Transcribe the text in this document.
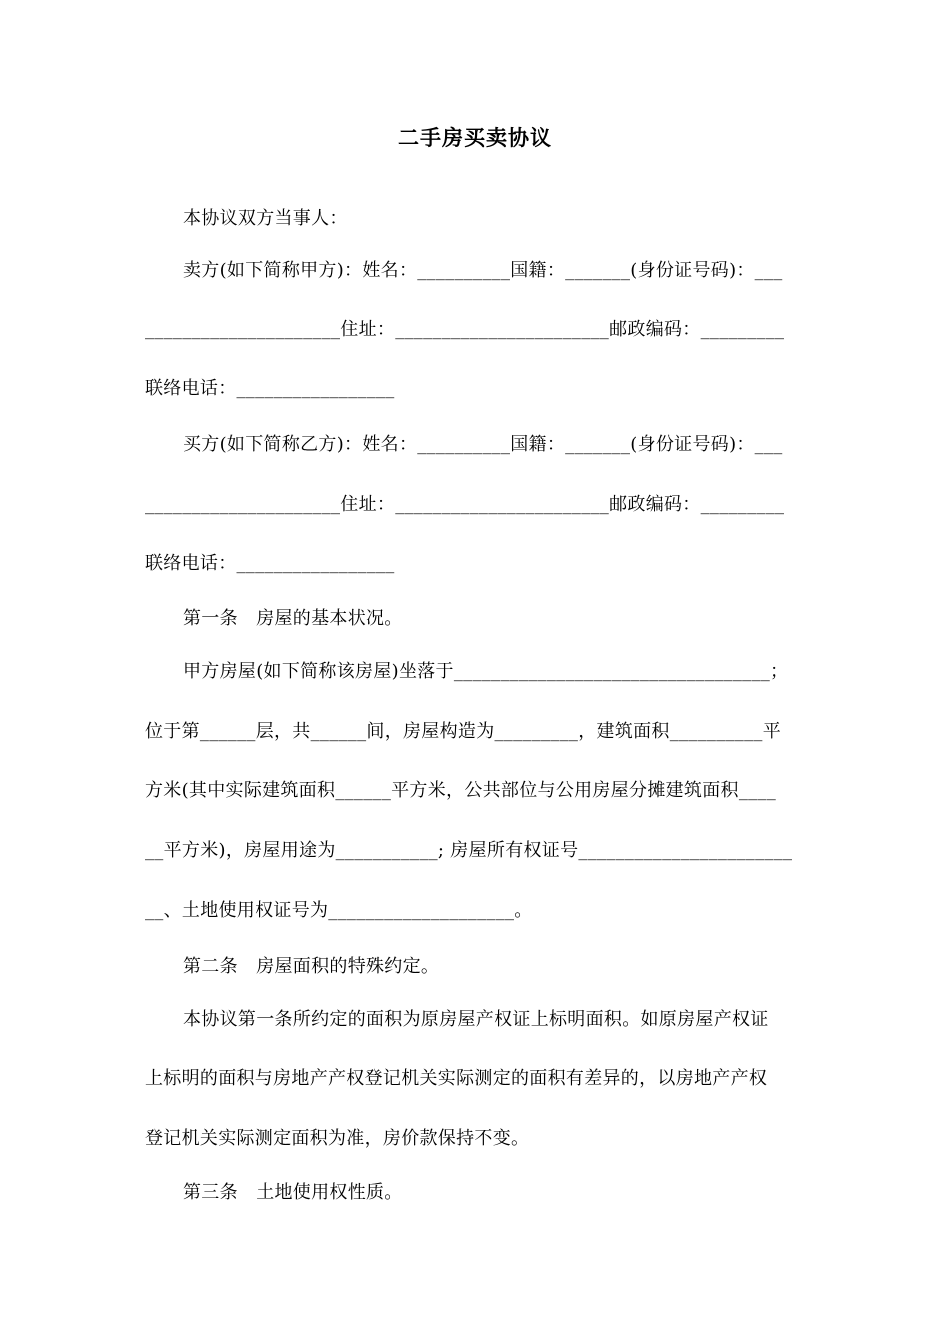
二手房买卖协议
本协议双方当事人：
卖方(如下简称甲方)：姓名：__________国籍：_______(身份证号码)：___
_____________________住址：_______________________邮政编码：_________
联络电话：_________________
买方(如下简称乙方)：姓名：__________国籍：_______(身份证号码)：___
_____________________住址：_______________________邮政编码：_________
联络电话：_________________
第一条　房屋的基本状况。
甲方房屋(如下简称该房屋)坐落于__________________________________；
位于第______层，共______间，房屋构造为_________，建筑面积__________平
方米(其中实际建筑面积______平方米，公共部位与公用房屋分摊建筑面积____
__平方米)，房屋用途为___________; 房屋所有权证号_______________________
__、土地使用权证号为____________________。
第二条　房屋面积的特殊约定。
本协议第一条所约定的面积为原房屋产权证上标明面积。如原房屋产权证
上标明的面积与房地产产权登记机关实际测定的面积有差异的，以房地产产权
登记机关实际测定面积为准，房价款保持不变。
第三条　土地使用权性质。
